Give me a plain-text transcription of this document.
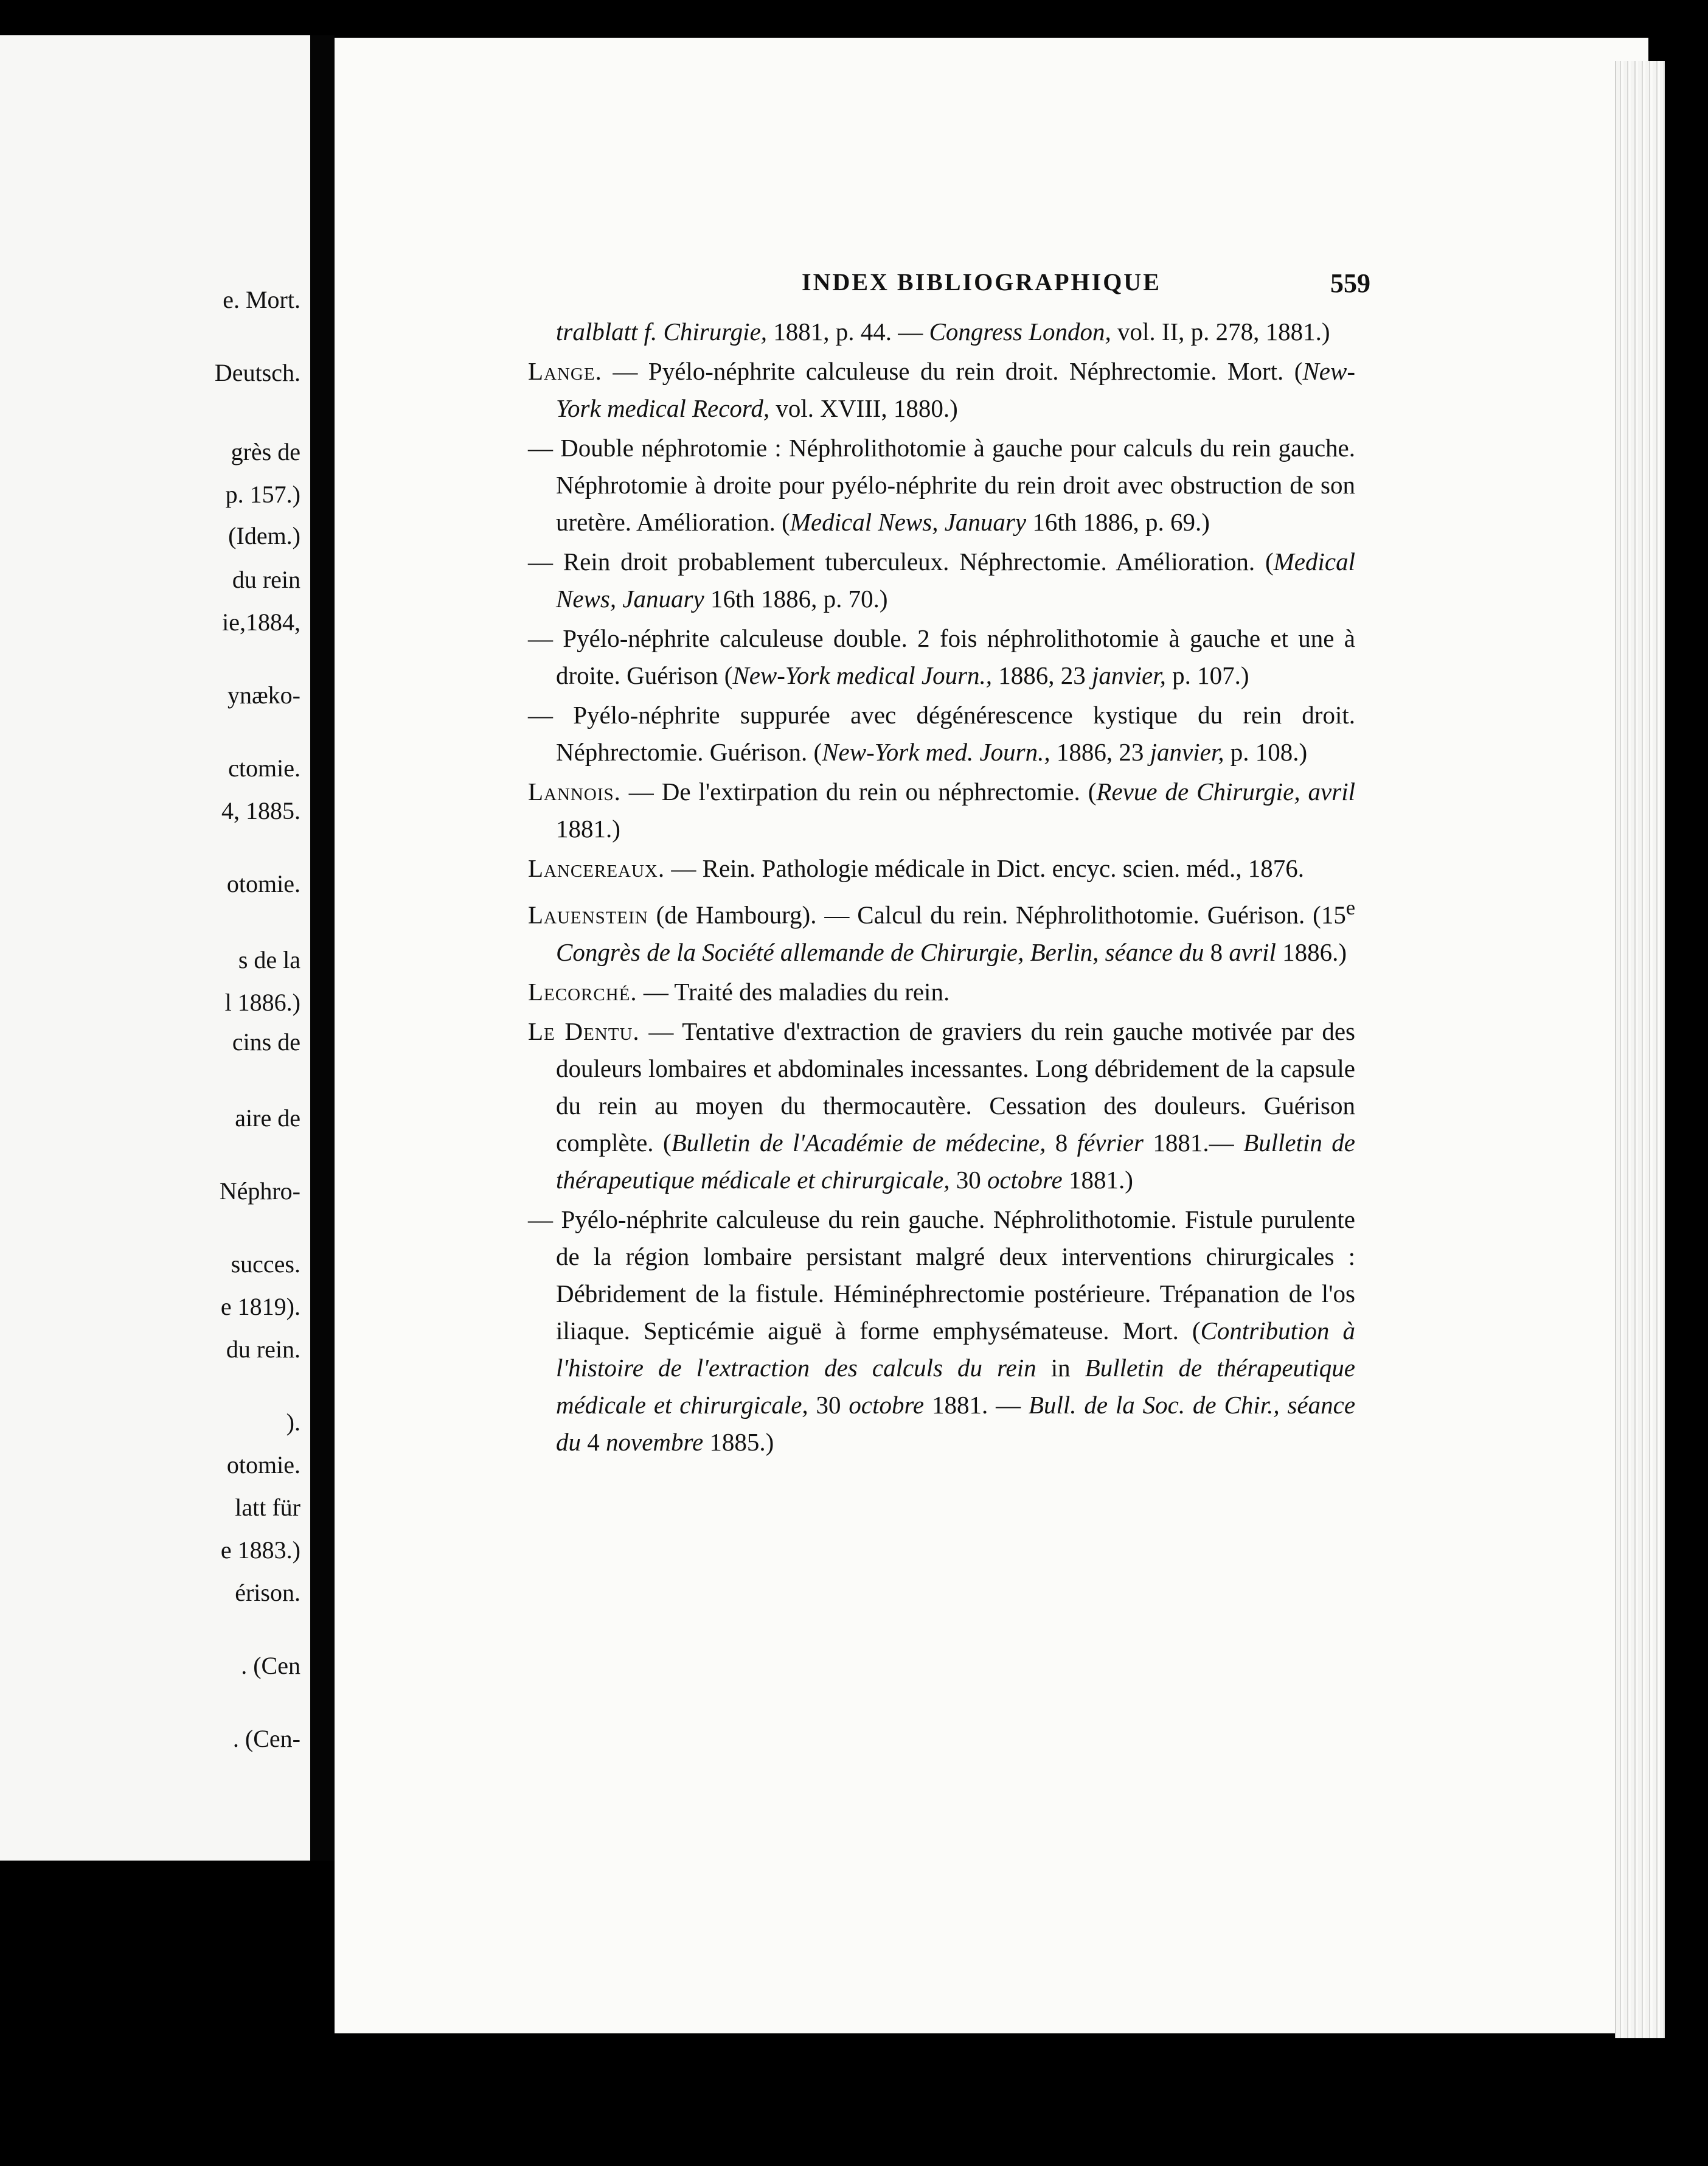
e. Mort.
Deutsch.
grès de
p. 157.)
(Idem.)
du rein
ie,1884,
ynæko-
ctomie.
4, 1885.
otomie.
s de la
l 1886.)
cins de
aire de
Néphro-
succes.
e 1819).
du rein.
).
otomie.
latt für
e 1883.)
érison.
. (Cen
. (Cen-
INDEX BIBLIOGRAPHIQUE	559

tralblatt f. Chirurgie, 1881, p. 44. — Congress London, vol. II, p. 278, 1881.)

Lange. — Pyélo-néphrite calculeuse du rein droit. Néphrectomie. Mort. (New-York medical Record, vol. XVIII, 1880.)

— Double néphrotomie : Néphrolithotomie à gauche pour calculs du rein gauche. Néphrotomie à droite pour pyélo-néphrite du rein droit avec obstruction de son uretère. Amélioration. (Medical News, January 16th 1886, p. 69.)

— Rein droit probablement tuberculeux. Néphrectomie. Amélioration. (Medical News, January 16th 1886, p. 70.)

— Pyélo-néphrite calculeuse double. 2 fois néphrolithotomie à gauche et une à droite. Guérison (New-York medical Journ., 1886, 23 janvier, p. 107.)

— Pyélo-néphrite suppurée avec dégénérescence kystique du rein droit. Néphrectomie. Guérison. (New-York med. Journ., 1886, 23 janvier, p. 108.)

Lannois. — De l'extirpation du rein ou néphrectomie. (Revue de Chirurgie, avril 1881.)

Lancereaux. — Rein. Pathologie médicale in Dict. encyc. scien. méd., 1876.

Lauenstein (de Hambourg). — Calcul du rein. Néphrolithotomie. Guérison. (15e Congrès de la Société allemande de Chirurgie, Berlin, séance du 8 avril 1886.)

Lecorché. — Traité des maladies du rein.

Le Dentu. — Tentative d'extraction de graviers du rein gauche motivée par des douleurs lombaires et abdominales incessantes. Long débridement de la capsule du rein au moyen du thermocautère. Cessation des douleurs. Guérison complète. (Bulletin de l'Académie de médecine, 8 février 1881.— Bulletin de thérapeutique médicale et chirurgicale, 30 octobre 1881.)

— Pyélo-néphrite calculeuse du rein gauche. Néphrolithotomie. Fistule purulente de la région lombaire persistant malgré deux interventions chirurgicales : Débridement de la fistule. Héminéphrectomie postérieure. Trépanation de l'os iliaque. Septicémie aiguë à forme emphysémateuse. Mort. (Contribution à l'histoire de l'extraction des calculs du rein in Bulletin de thérapeutique médicale et chirurgicale, 30 octobre 1881. — Bull. de la Soc. de Chir., séance du 4 novembre 1885.)
